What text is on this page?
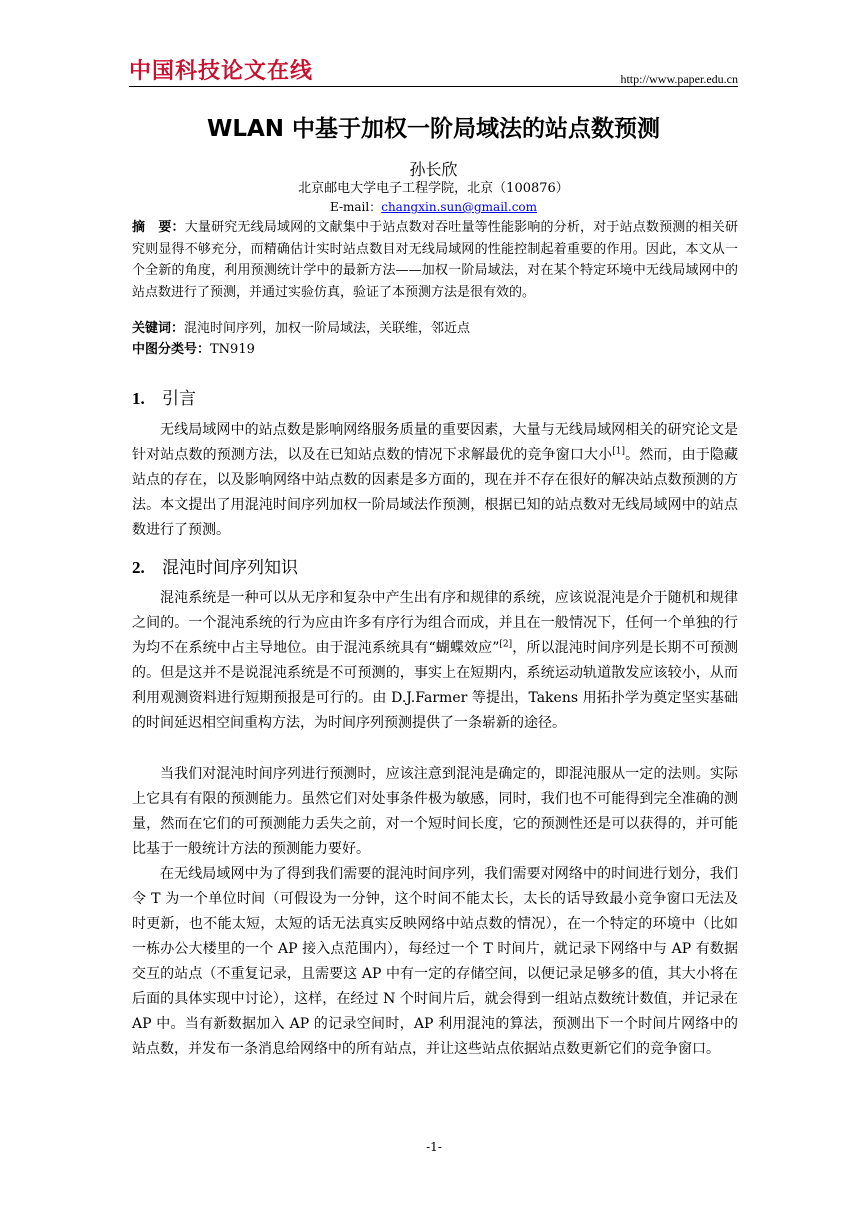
中国科技论文在线	http://www.paper.edu.cn
WLAN 中基于加权一阶局域法的站点数预测
孙长欣
北京邮电大学电子工程学院，北京（100876）
E-mail：changxin.sun@gmail.com
摘　要：大量研究无线局域网的文献集中于站点数对吞吐量等性能影响的分析，对于站点数预测的相关研究则显得不够充分，而精确估计实时站点数目对无线局域网的性能控制起着重要的作用。因此，本文从一个全新的角度，利用预测统计学中的最新方法——加权一阶局域法，对在某个特定环境中无线局域网中的站点数进行了预测，并通过实验仿真，验证了本预测方法是很有效的。
关键词：混沌时间序列，加权一阶局域法，关联维，邻近点
中图分类号：TN919
1. 引言
无线局域网中的站点数是影响网络服务质量的重要因素，大量与无线局域网相关的研究论文是针对站点数的预测方法，以及在已知站点数的情况下求解最优的竞争窗口大小[1]。然而，由于隐藏站点的存在，以及影响网络中站点数的因素是多方面的，现在并不存在很好的解决站点数预测的方法。本文提出了用混沌时间序列加权一阶局域法作预测，根据已知的站点数对无线局域网中的站点数进行了预测。
2. 混沌时间序列知识
混沌系统是一种可以从无序和复杂中产生出有序和规律的系统，应该说混沌是介于随机和规律之间的。一个混沌系统的行为应由许多有序行为组合而成，并且在一般情况下，任何一个单独的行为均不在系统中占主导地位。由于混沌系统具有“蝴蝶效应”[2]，所以混沌时间序列是长期不可预测的。但是这并不是说混沌系统是不可预测的，事实上在短期内，系统运动轨道散发应该较小，从而利用观测资料进行短期预报是可行的。由 D.J.Farmer 等提出，Takens 用拓扑学为奠定坚实基础的时间延迟相空间重构方法，为时间序列预测提供了一条崭新的途径。
当我们对混沌时间序列进行预测时，应该注意到混沌是确定的，即混沌服从一定的法则。实际上它具有有限的预测能力。虽然它们对处事条件极为敏感，同时，我们也不可能得到完全准确的测量，然而在它们的可预测能力丢失之前，对一个短时间长度，它的预测性还是可以获得的，并可能比基于一般统计方法的预测能力要好。
在无线局域网中为了得到我们需要的混沌时间序列，我们需要对网络中的时间进行划分，我们令 T 为一个单位时间（可假设为一分钟，这个时间不能太长，太长的话导致最小竞争窗口无法及时更新，也不能太短，太短的话无法真实反映网络中站点数的情况），在一个特定的环境中（比如一栋办公大楼里的一个 AP 接入点范围内），每经过一个 T 时间片，就记录下网络中与 AP 有数据交互的站点（不重复记录，且需要这 AP 中有一定的存储空间，以便记录足够多的值，其大小将在后面的具体实现中讨论），这样，在经过 N 个时间片后，就会得到一组站点数统计数值，并记录在 AP 中。当有新数据加入 AP 的记录空间时，AP 利用混沌的算法，预测出下一个时间片网络中的站点数，并发布一条消息给网络中的所有站点，并让这些站点依据站点数更新它们的竞争窗口。
-1-
